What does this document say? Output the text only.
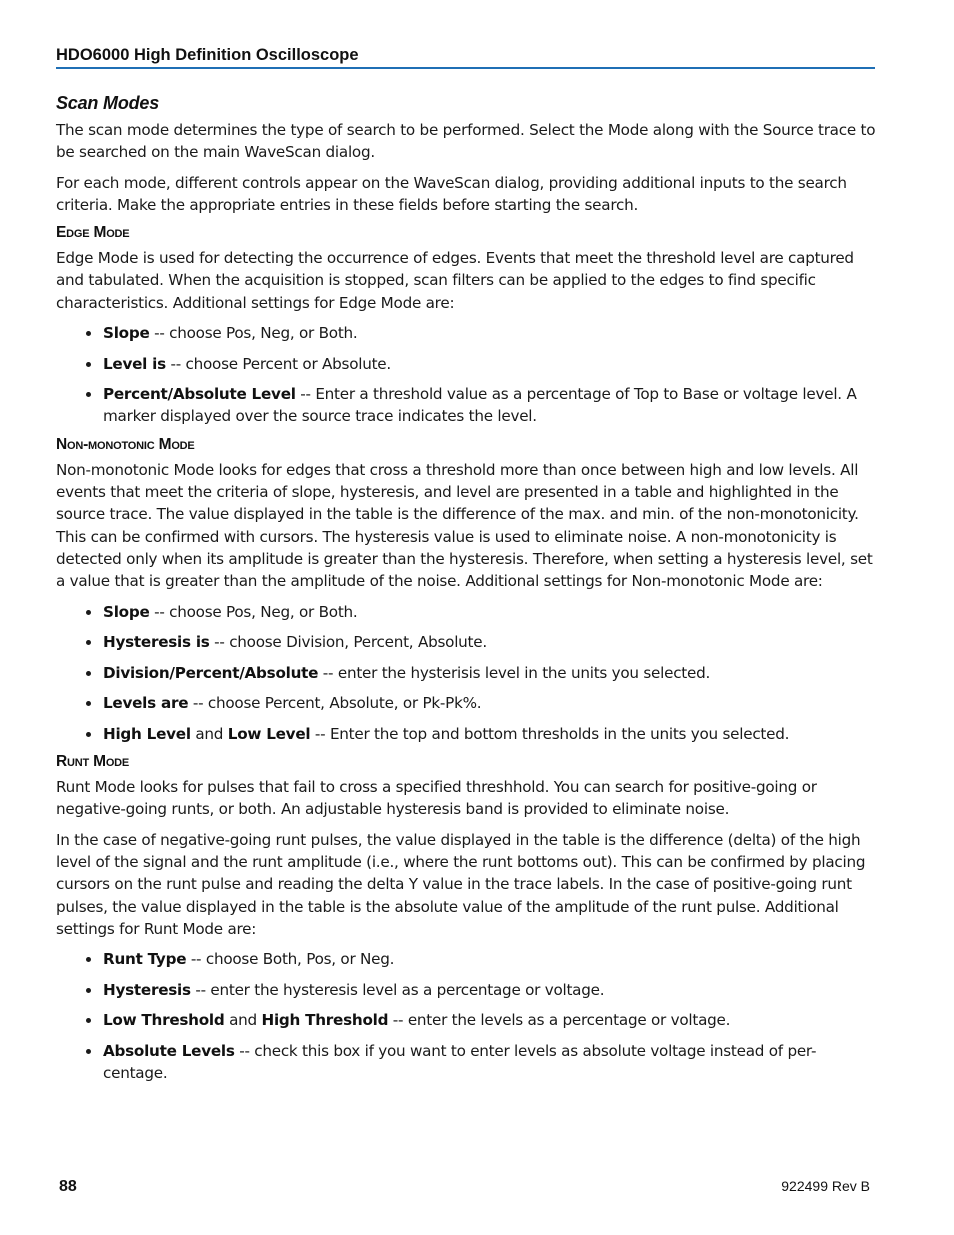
HDO6000 High Definition Oscilloscope
Scan Modes

The scan mode determines the type of search to be performed. Select the Mode along with the Source trace to be searched on the main WaveScan dialog.

For each mode, different controls appear on the WaveScan dialog, providing additional inputs to the search criteria. Make the appropriate entries in these fields before starting the search.

Edge Mode

Edge Mode is used for detecting the occurrence of edges. Events that meet the threshold level are captured and tabulated. When the acquisition is stopped, scan filters can be applied to the edges to find specific characteristics. Additional settings for Edge Mode are:

Slope -- choose Pos, Neg, or Both.
Level is -- choose Percent or Absolute.
Percent/Absolute Level -- Enter a threshold value as a percentage of Top to Base or voltage level. A marker displayed over the source trace indicates the level.
Non-monotonic Mode

Non-monotonic Mode looks for edges that cross a threshold more than once between high and low levels. All events that meet the criteria of slope, hysteresis, and level are presented in a table and highlighted in the source trace. The value displayed in the table is the difference of the max. and min. of the non-monotonicity. This can be confirmed with cursors. The hysteresis value is used to eliminate noise. A non-monotonicity is detected only when its amplitude is greater than the hysteresis. Therefore, when setting a hysteresis level, set a value that is greater than the amplitude of the noise. Additional settings for Non-monotonic Mode are:

Slope -- choose Pos, Neg, or Both.
Hysteresis is -- choose Division, Percent, Absolute.
Division/Percent/Absolute -- enter the hysterisis level in the units you selected.
Levels are -- choose Percent, Absolute, or Pk-Pk%.
High Level and Low Level -- Enter the top and bottom thresholds in the units you selected.
Runt Mode

Runt Mode looks for pulses that fail to cross a specified threshhold. You can search for positive-going or negative-going runts, or both. An adjustable hysteresis band is provided to eliminate noise.

In the case of negative-going runt pulses, the value displayed in the table is the difference (delta) of the high level of the signal and the runt amplitude (i.e., where the runt bottoms out). This can be confirmed by placing cursors on the runt pulse and reading the delta Y value in the trace labels. In the case of positive-going runt pulses, the value displayed in the table is the absolute value of the amplitude of the runt pulse. Additional settings for Runt Mode are:

Runt Type -- choose Both, Pos, or Neg.
Hysteresis -- enter the hysteresis level as a percentage or voltage.
Low Threshold and High Threshold -- enter the levels as a percentage or voltage.
Absolute Levels -- check this box if you want to enter levels as absolute voltage instead of per-centage.
88	922499 Rev B
